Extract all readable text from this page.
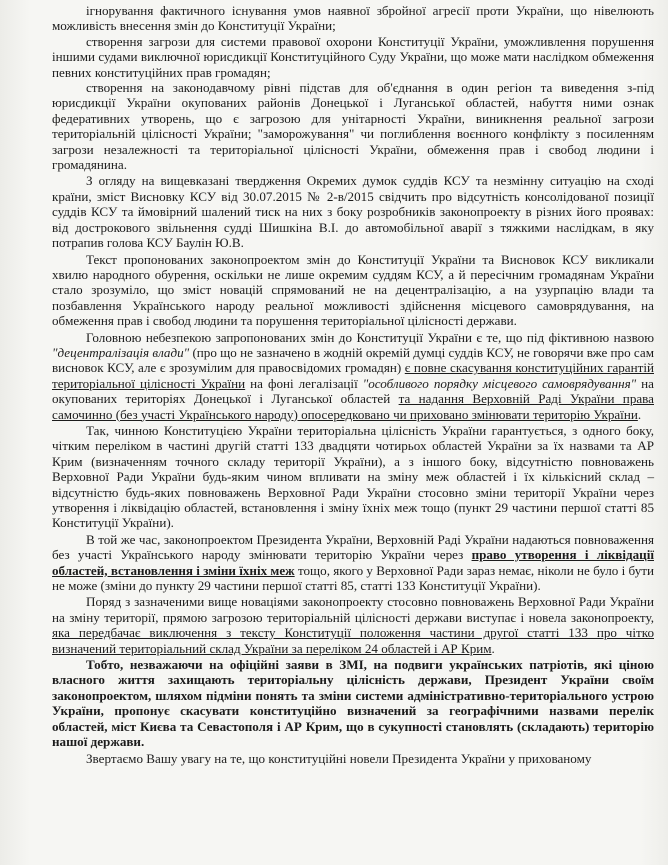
ігнорування фактичного існування умов наявної збройної агресії проти України, що нівелюють можливість внесення змін до Конституції України;

створення загрози для системи правової охорони Конституції України, уможливлення порушення іншими судами виключної юрисдикції Конституційного Суду України, що може мати наслідком обмеження певних конституційних прав громадян;

створення на законодавчому рівні підстав для об'єднання в один регіон та виведення з-під юрисдикції України окупованих районів Донецької і Луганської областей, набуття ними ознак федеративних утворень, що є загрозою для унітарності України, виникнення реальної загрози територіальній цілісності України; "заморожування" чи поглиблення воєнного конфлікту з посиленням загрози незалежності та територіальної цілісності України, обмеження прав і свобод людини і громадянина.

З огляду на вищевказані твердження Окремих думок суддів КСУ та незмінну ситуацію на сході країни, зміст Висновку КСУ від 30.07.2015 № 2-в/2015 свідчить про відсутність консолідованої позиції суддів КСУ та ймовірний шалений тиск на них з боку розробників законопроекту в різних його проявах: від дострокового звільнення судді Шишкіна В.І. до автомобільної аварії з тяжкими наслідкам, в яку потрапив голова КСУ Баулін Ю.В.

Текст пропонованих законопроектом змін до Конституції України та Висновок КСУ викликали хвилю народного обурення, оскільки не лише окремим суддям КСУ, а й пересічним громадянам України стало зрозуміло, що зміст новацій спрямований не на децентралізацію, а на узурпацію влади та позбавлення Українського народу реальної можливості здійснення місцевого самоврядування, на обмеження прав і свобод людини та порушення територіальної цілісності держави.

Головною небезпекою запропонованих змін до Конституції України є те, що під фіктивною назвою "децентралізація влади" (про що не зазначено в жодній окремій думці суддів КСУ, не говорячи вже про сам висновок КСУ, але є зрозумілим для правосвідомих громадян) є повне скасування конституційних гарантій територіальної цілісності України на фоні легалізації "особливого порядку місцевого самоврядування" на окупованих територіях Донецької і Луганської областей та надання Верховній Раді України права самочинно (без участі Українського народу) опосередковано чи приховано змінювати територію України.

Так, чинною Конституцією України територіальна цілісність України гарантується, з одного боку, чітким переліком в частині другій статті 133 двадцяти чотирьох областей України за їх назвами та АР Крим (визначенням точного складу території України), а з іншого боку, відсутністю повноважень Верховної Ради України будь-яким чином впливати на зміну меж областей і їх кількісний склад – відсутністю будь-яких повноважень Верховної Ради України стосовно зміни території України через утворення і ліквідацію областей, встановлення і зміну їхніх меж тощо (пункт 29 частини першої статті 85 Конституції України).

В той же час, законопроектом Президента України, Верховній Раді України надаються повноваження без участі Українського народу змінювати територію України через право утворення і ліквідації областей, встановлення і зміни їхніх меж тощо, якого у Верховної Ради зараз немає, ніколи не було і бути не може (зміни до пункту 29 частини першої статті 85, статті 133 Конституції України).

Поряд з зазначеними вище новаціями законопроекту стосовно повноважень Верховної Ради України на зміну території, прямою загрозою територіальній цілісності держави виступає і новела законопроекту, яка передбачає виключення з тексту Конституції положення частини другої статті 133 про чітко визначений територіальний склад України за переліком 24 областей і АР Крим.

Тобто, незважаючи на офіційні заяви в ЗМІ, на подвиги українських патріотів, які ціною власного життя захищають територіальну цілісність держави, Президент України своїм законопроектом, шляхом підміни понять та зміни системи адміністративно-територіального устрою України, пропонує скасувати конституційно визначений за географічними назвами перелік областей, міст Києва та Севастополя і АР Крим, що в сукупності становлять (складають) територію нашої держави.

Звертаємо Вашу увагу на те, що конституційні новели Президента України у прихованому
